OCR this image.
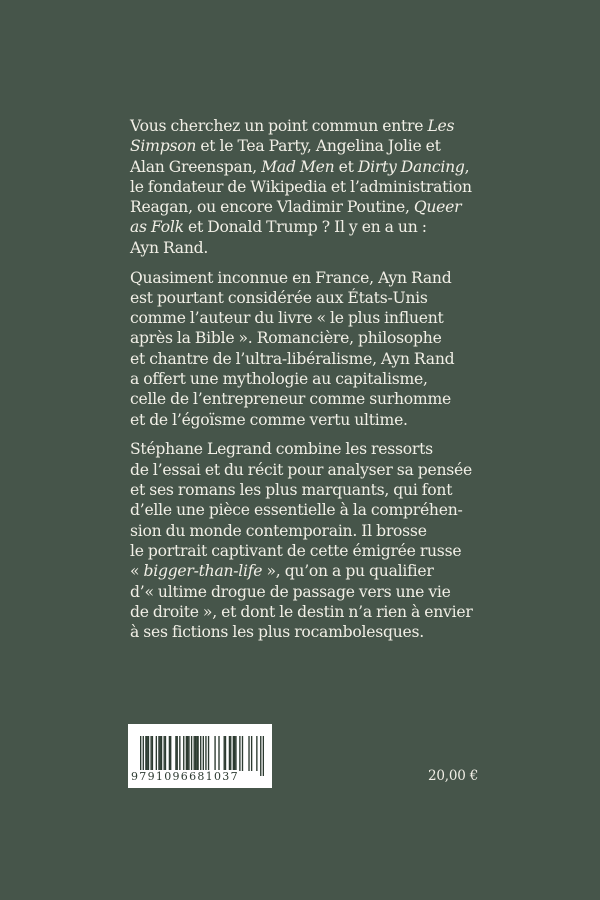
Vous cherchez un point commun entre Les
Simpson et le Tea Party, Angelina Jolie et
Alan Greenspan, Mad Men et Dirty Dancing,
le fondateur de Wikipedia et l’administration
Reagan, ou encore Vladimir Poutine, Queer
as Folk et Donald Trump ? Il y en a un :
Ayn Rand.

Quasiment inconnue en France, Ayn Rand
est pourtant considérée aux États-Unis
comme l’auteur du livre « le plus influent
après la Bible ». Romancière, philosophe
et chantre de l’ultra-libéralisme, Ayn Rand
a offert une mythologie au capitalisme,
celle de l’entrepreneur comme surhomme
et de l’égoïsme comme vertu ultime.

Stéphane Legrand combine les ressorts
de l’essai et du récit pour analyser sa pensée
et ses romans les plus marquants, qui font
d’elle une pièce essentielle à la compréhen-
sion du monde contemporain. Il brosse
le portrait captivant de cette émigrée russe
« bigger-than-life », qu’on a pu qualifier
d’« ultime drogue de passage vers une vie
de droite », et dont le destin n’a rien à envier
à ses fictions les plus rocambolesques.

9791096681037	20,00 €
